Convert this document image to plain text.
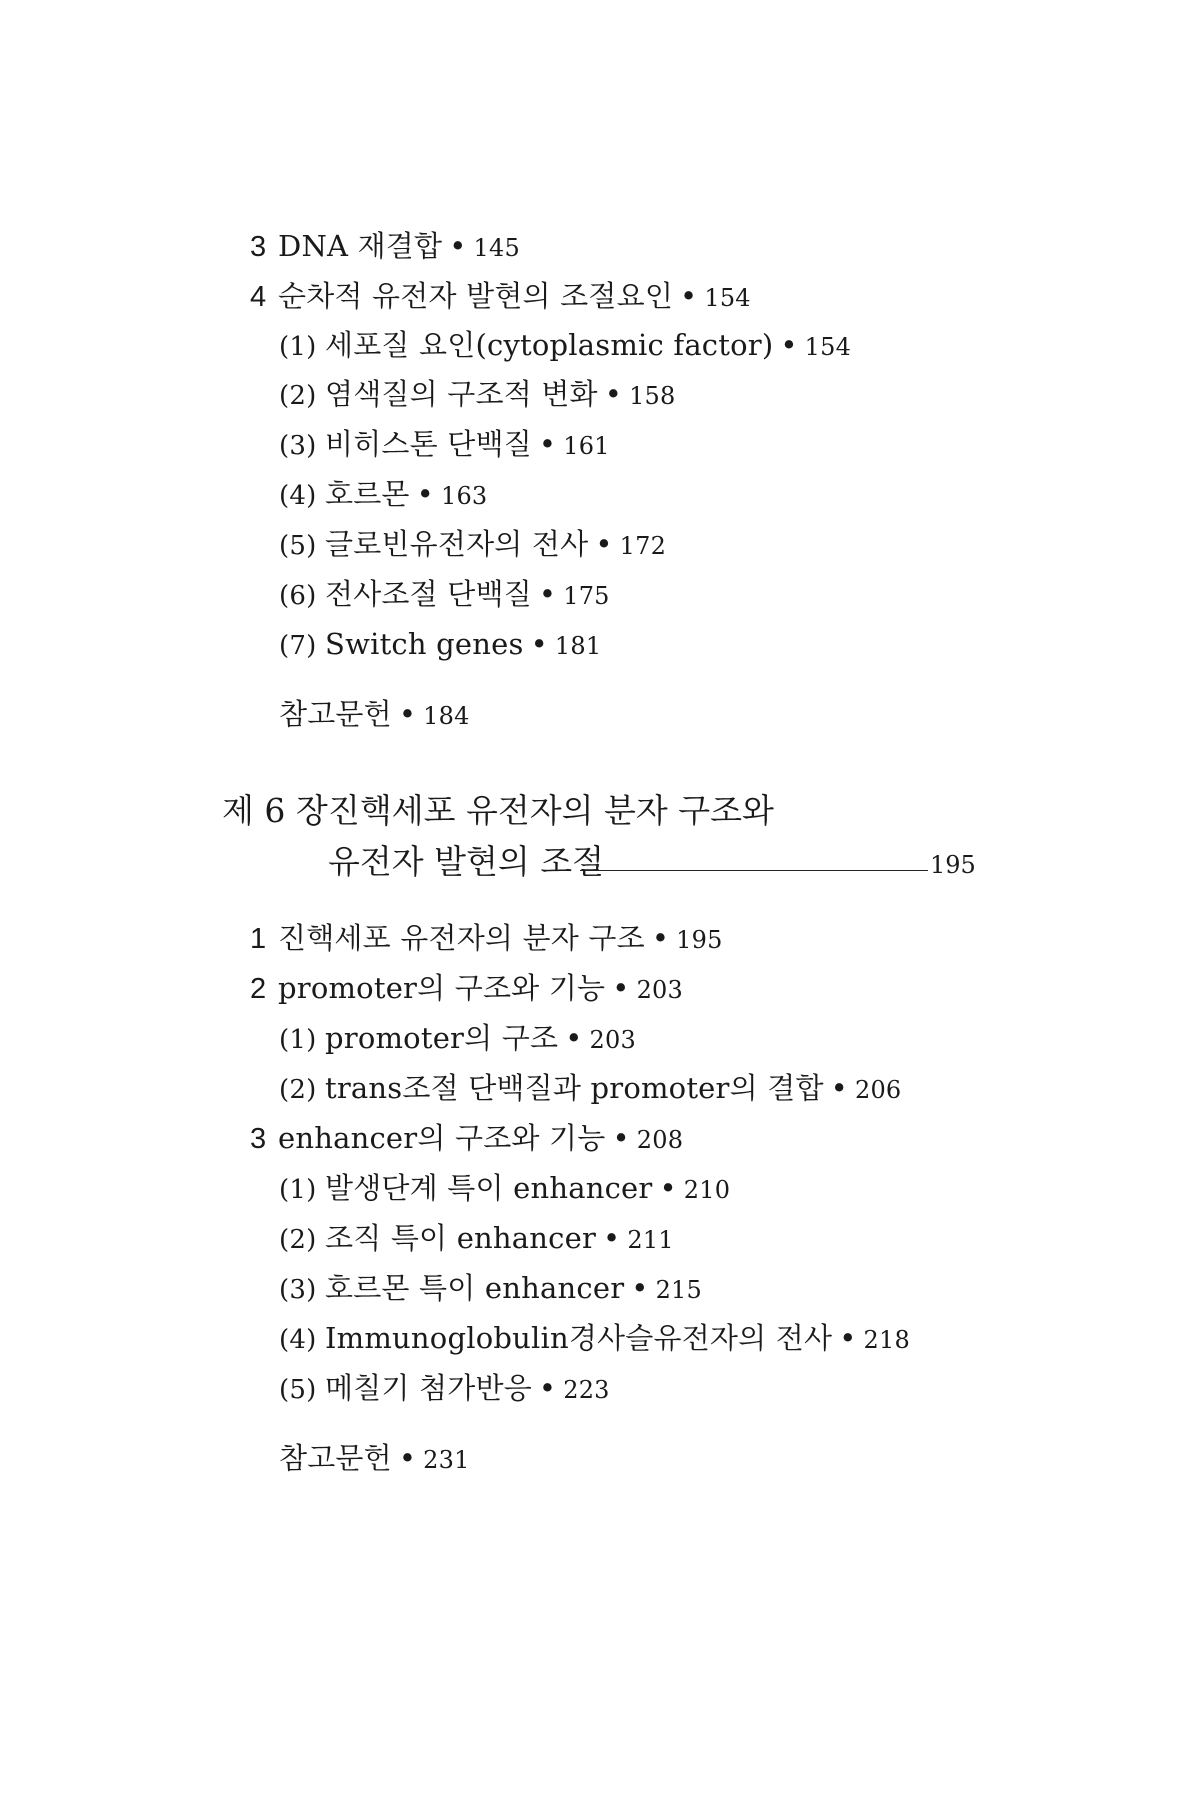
3 DNA 재결합 • 145
4 순차적 유전자 발현의 조절요인 • 154
(1) 세포질 요인(cytoplasmic factor) • 154
(2) 염색질의 구조적 변화 • 158
(3) 비히스톤 단백질 • 161
(4) 호르몬 • 163
(5) 글로빈유전자의 전사 • 172
(6) 전사조절 단백질 • 175
(7) Switch genes • 181
참고문헌 • 184
제 6 장 진핵세포 유전자의 분자 구조와
유전자 발현의 조절	195
1 진핵세포 유전자의 분자 구조 • 195
2 promoter의 구조와 기능 • 203
(1) promoter의 구조 • 203
(2) trans조절 단백질과 promoter의 결합 • 206
3 enhancer의 구조와 기능 • 208
(1) 발생단계 특이 enhancer • 210
(2) 조직 특이 enhancer • 211
(3) 호르몬 특이 enhancer • 215
(4) Immunoglobulin경사슬유전자의 전사 • 218
(5) 메칠기 첨가반응 • 223
참고문헌 • 231
